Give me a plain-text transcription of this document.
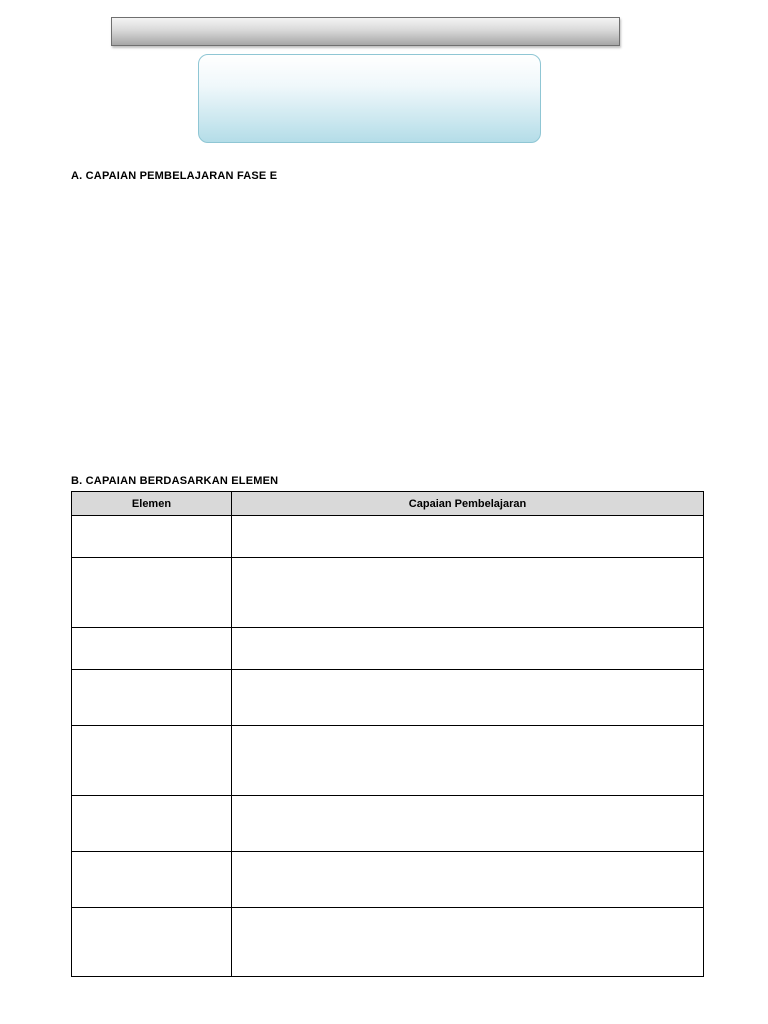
A. CAPAIAN PEMBELAJARAN FASE E
B. CAPAIAN BERDASARKAN ELEMEN
Elemen	Capaian Pembelajaran
